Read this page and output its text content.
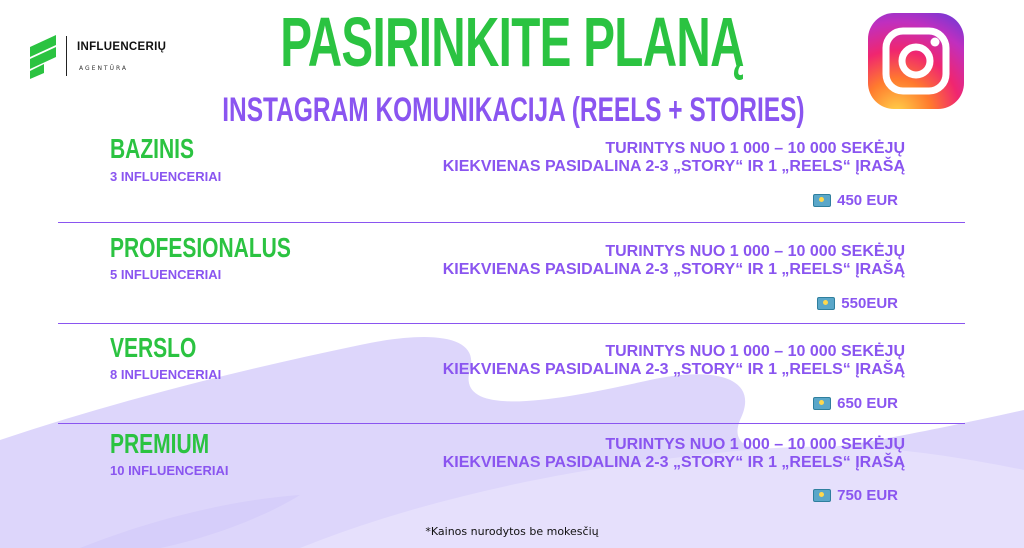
INFLUENCERIŲ
AGENTŪRA	PASIRINKITE PLANĄ
INSTAGRAM KOMUNIKACIJA (REELS + STORIES)
BAZINIS
3 INFLUENCERIAI
TURINTYS NUO 1 000 – 10 000 SEKĖJŲ
KIEKVIENAS PASIDALINA 2-3 „STORY“ IR 1 „REELS“ ĮRAŠĄ
450 EUR
PROFESIONALUS
5 INFLUENCERIAI
TURINTYS NUO 1 000 – 10 000 SEKĖJŲ
KIEKVIENAS PASIDALINA 2-3 „STORY“ IR 1 „REELS“ ĮRAŠĄ
550EUR
VERSLO
8 INFLUENCERIAI
TURINTYS NUO 1 000 – 10 000 SEKĖJŲ
KIEKVIENAS PASIDALINA 2-3 „STORY“ IR 1 „REELS“ ĮRAŠĄ
650 EUR
PREMIUM
10 INFLUENCERIAI
TURINTYS NUO 1 000 – 10 000 SEKĖJŲ
KIEKVIENAS PASIDALINA 2-3 „STORY“ IR 1 „REELS“ ĮRAŠĄ
750 EUR
*Kainos nurodytos be mokesčių
